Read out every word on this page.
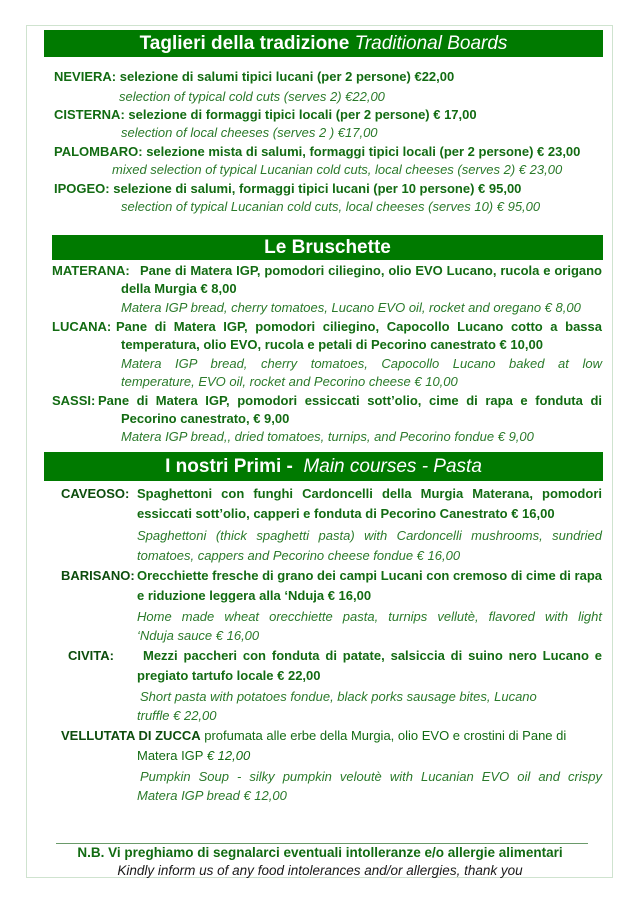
Taglieri della tradizione Traditional Boards
NEVIERA: selezione di salumi tipici lucani (per 2 persone) €22,00
selection of typical cold cuts (serves 2) €22,00
CISTERNA: selezione di formaggi tipici locali (per 2 persone) € 17,00
selection of local cheeses (serves 2 ) €17,00
PALOMBARO: selezione mista di salumi, formaggi tipici locali (per 2 persone) € 23,00
mixed selection of typical Lucanian cold cuts, local cheeses (serves 2) € 23,00
IPOGEO: selezione di salumi, formaggi tipici lucani (per 10 persone) € 95,00
selection of typical Lucanian cold cuts, local cheeses (serves 10) € 95,00
Le Bruschette
MATERANA: Pane di Matera IGP, pomodori ciliegino, olio EVO Lucano, rucola e origano
della Murgia € 8,00
Matera IGP bread, cherry tomatoes, Lucano EVO oil, rocket and oregano € 8,00
LUCANA: Pane di Matera IGP, pomodori ciliegino, Capocollo Lucano cotto a bassa
temperatura, olio EVO, rucola e petali di Pecorino canestrato € 10,00
Matera IGP bread, cherry tomatoes, Capocollo Lucano baked at low
temperature, EVO oil, rocket and Pecorino cheese € 10,00
SASSI: Pane di Matera IGP, pomodori essiccati sott’olio, cime di rapa e fonduta di
Pecorino canestrato, € 9,00
Matera IGP bread,, dried tomatoes, turnips, and Pecorino fondue € 9,00
I nostri Primi - Main courses - Pasta
CAVEOSO: Spaghettoni con funghi Cardoncelli della Murgia Materana, pomodori
essiccati sott’olio, capperi e fonduta di Pecorino Canestrato € 16,00
Spaghettoni (thick spaghetti pasta) with Cardoncelli mushrooms, sundried
tomatoes, cappers and Pecorino cheese fondue € 16,00
BARISANO: Orecchiette fresche di grano dei campi Lucani con cremoso di cime di rapa
e riduzione leggera alla ‘Nduja € 16,00
Home made wheat orecchiette pasta, turnips vellutè, flavored with light
‘Nduja sauce € 16,00
CIVITA: Mezzi paccheri con fonduta di patate, salsiccia di suino nero Lucano e
pregiato tartufo locale € 22,00
Short pasta with potatoes fondue, black porks sausage bites, Lucano
truffle € 22,00
VELLUTATA DI ZUCCA profumata alle erbe della Murgia, olio EVO e crostini di Pane di
Matera IGP € 12,00
Pumpkin Soup - silky pumpkin veloutè with Lucanian EVO oil and crispy
Matera IGP bread € 12,00
N.B. Vi preghiamo di segnalarci eventuali intolleranze e/o allergie alimentari
Kindly inform us of any food intolerances and/or allergies, thank you
